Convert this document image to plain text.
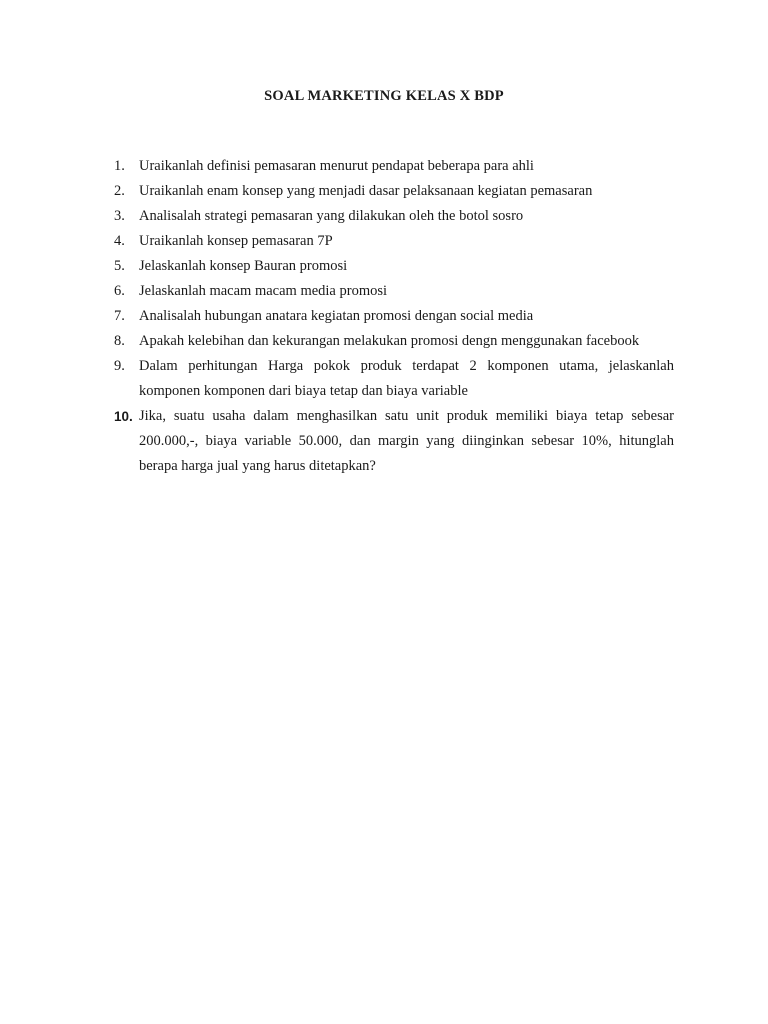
SOAL MARKETING KELAS X BDP
1. Uraikanlah definisi pemasaran menurut pendapat beberapa para ahli
2. Uraikanlah enam konsep yang menjadi dasar pelaksanaan kegiatan pemasaran
3. Analisalah strategi pemasaran yang dilakukan oleh the botol sosro
4. Uraikanlah konsep pemasaran 7P
5. Jelaskanlah konsep Bauran promosi
6. Jelaskanlah macam macam media promosi
7. Analisalah hubungan anatara kegiatan promosi dengan social media
8. Apakah kelebihan dan kekurangan melakukan promosi dengn menggunakan facebook
9. Dalam perhitungan Harga pokok produk terdapat 2 komponen utama, jelaskanlah komponen komponen dari biaya tetap dan biaya variable
10. Jika, suatu usaha dalam menghasilkan satu unit produk memiliki biaya tetap sebesar 200.000,-, biaya variable 50.000, dan margin yang diinginkan sebesar 10%, hitunglah berapa harga jual yang harus ditetapkan?
